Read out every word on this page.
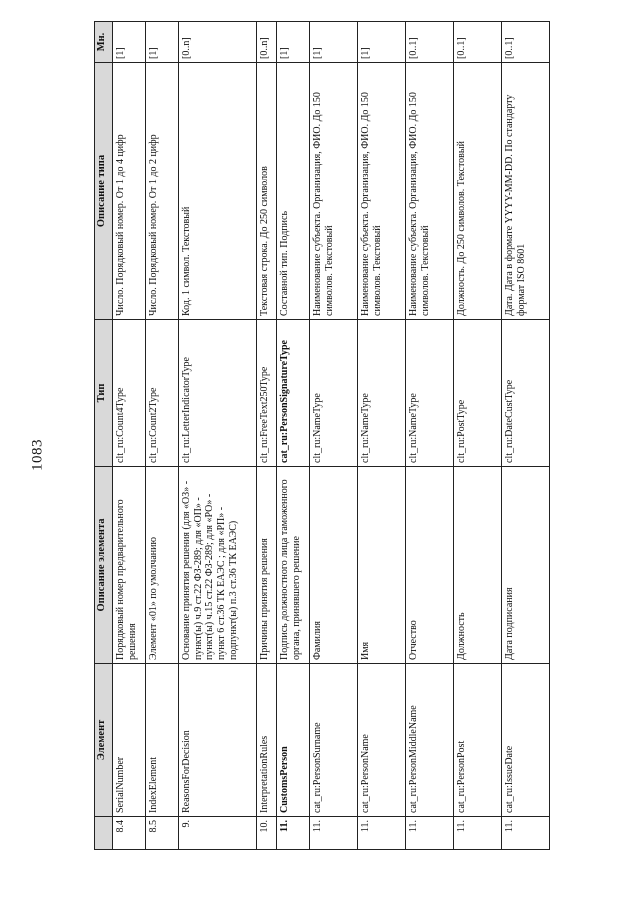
1083
	Элемент	Описание элемента	Тип	Описание типа	Мн.
8.4	SerialNumber	Порядковый номер предварительного решения	clt_ru:Count4Type	Число. Порядковый номер. От 1 до 4 цифр	[1]
8.5	IndexElement	Элемент «01» по умолчанию	clt_ru:Count2Type	Число. Порядковый номер. От 1 до 2 цифр	[1]
9.	ReasonsForDecision	Основание принятия решения (для «ОЗ» - пункт(ы) ч.9 ст.22 ФЗ-289; для «ОП» - пункт(ы) ч.15 ст.22 ФЗ-289; для «РО» - пункт 6 ст.36 ТК ЕАЭС ; для «РП» - подпункт(ы) п.3 ст.36 ТК ЕАЭС)	clt_ru:LetterIndicatorType	Код. 1 символ. Текстовый	[0..n]
10.	InterpretationRules	Причины принятия решения	clt_ru:FreeText250Type	Текстовая строка. До 250 символов	[0..n]
11.	CustomsPerson	Подпись должностного лица таможенного органа, принявшего решение	cat_ru:PersonSignatureType	Составной тип. Подпись	[1]
11.	cat_ru:PersonSurname	Фамилия	clt_ru:NameType	Наименование субъекта. Организация, ФИО. До 150 символов. Текстовый	[1]
11.	cat_ru:PersonName	Имя	clt_ru:NameType	Наименование субъекта. Организация, ФИО. До 150 символов. Текстовый	[1]
11.	cat_ru:PersonMiddleName	Отчество	clt_ru:NameType	Наименование субъекта. Организация, ФИО. До 150 символов. Текстовый	[0..1]
11.	cat_ru:PersonPost	Должность	clt_ru:PostType	Должность. До 250 символов. Текстовый	[0..1]
11.	cat_ru:IssueDate	Дата подписания	clt_ru:DateCustType	Дата. Дата в формате YYYY-MM-DD. По стандарту формат ISO 8601	[0..1]
